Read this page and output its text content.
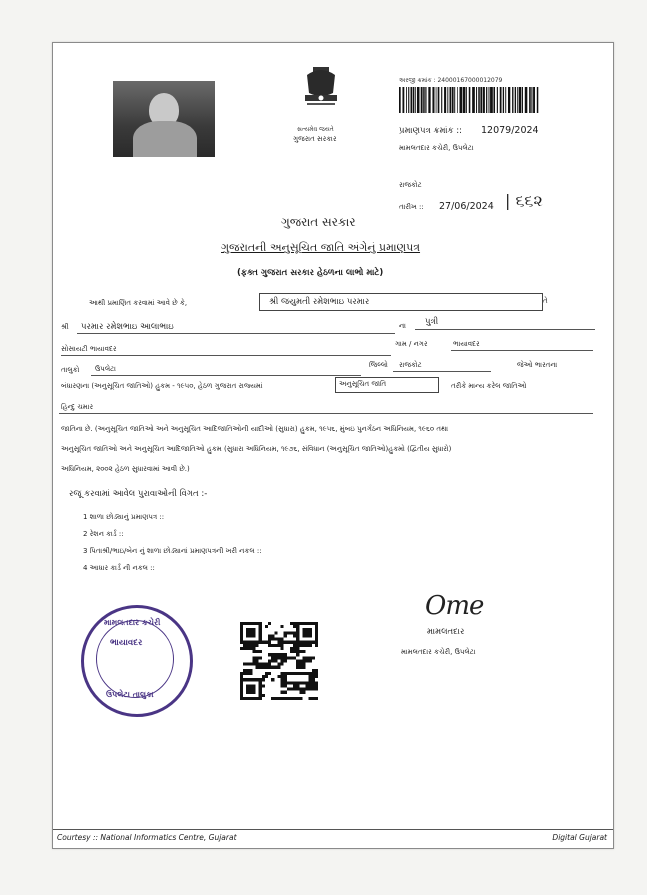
સત્યમેવ જયતે
ગુજરાત સરકાર
અરજી ક્રમાંક : 24000167000012079
પ્રમાણપત્ર ક્રમાંક :: 12079/2024
મામલતદાર કચેરી, ઉપલેટા
રાજકોટ
તારીખ :: 27/06/2024 | ૬૬૨
ગુજરાત સરકાર
ગુજરાતની અનુસૂચિત જાતિ અંગેનું પ્રમાણપત્ર
(ફક્ત ગુજરાત સરકાર હેઠળના લાભો માટે)
આથી પ્રમાણિત કરવામાં આવે છે કે,	શ્રી જયુમતી રમેશભાઇ પરમાર	તે
શ્રી પરમાર રમેશભાઇ આલાભાઇ	ના પુત્રી
સોસાયટી ભાયાવદર
ગામ / નગર	ભાયાવદર
તાલુકો ઉપલેટા	જિલ્લો રાજકોટ	જેઓ ભારતના
બંધારણના (અનુસૂચિત જાતિઓ) હુકમ - ૧૯૫૦, હેઠળ ગુજરાત રાજ્યમાં	અનુસૂચિત જાતિ	તરીકે માન્ય કરેલ જાતિઓ
હિન્દુ ચમાર
જાતિના છે. (અનુસૂચિત જાતિઓ અને અનુસૂચિત આદિજાતિઓની યાદીઓ (સુધારા) હુકમ, ૧૯૫૬, મુંબઇ પુનર્ગઠન અધિનિયમ, ૧૯૬૦ તથા
અનુસૂચિત જાતિઓ અને અનુસૂચિત આદિજાતિઓ હુકમ (સુધારા અધિનિયમ, ૧૯૭૬, સંવિધાન (અનુસૂચિત જાતિઓ)હુકમો (દ્વિતીય સુધારો)
અધિનિયમ, ૨૦૦૨ હેઠળ સુધારવામાં આવી છે.)
રજૂ કરવામાં આવેલ પુરાવાઓની વિગત :-
1 શાળા છોડ્યાનું પ્રમાણપત્ર ::
2 રેશન કાર્ડ ::
3 પિતાશ્રી/ભાઇ/બેન નું શાળા છોડ્યાનાં પ્રમાણપત્રની ખરી નકલ ::
4 આધાર કાર્ડ ની નકલ ::
મામલતદાર કચેરી
ભાયાવદર
ઉપલેટા તાલુકા
Ome
મામલતદાર
મામલતદાર કચેરી, ઉપલેટા
Courtesy :: National Informatics Centre, Gujarat	Digital Gujarat
